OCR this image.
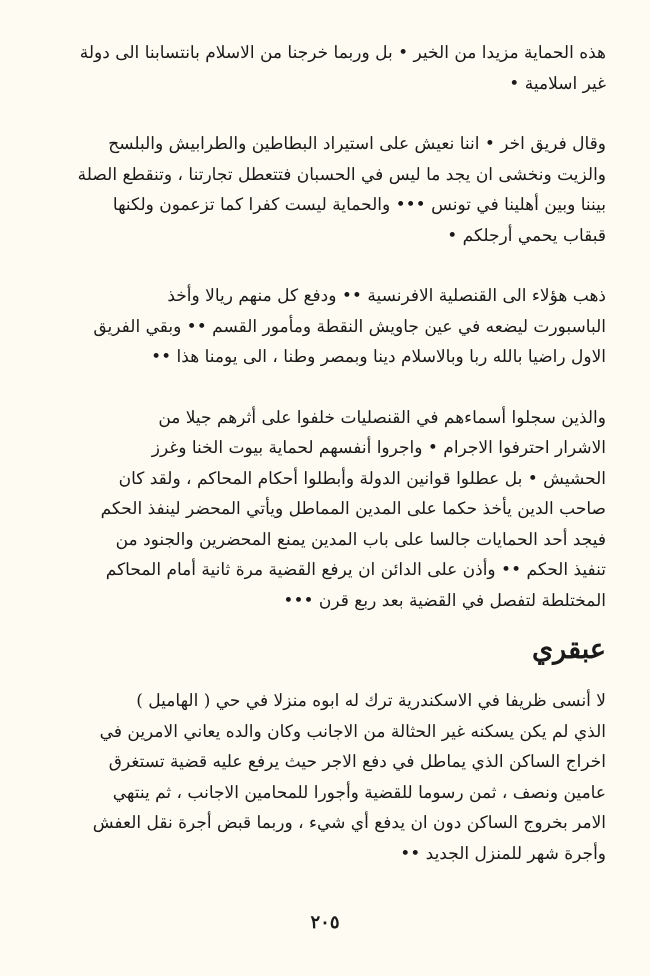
هذه الحماية مزيدا من الخير • بل وربما خرجنا من الاسلام بانتسابنا الى دولة
غير اسلامية •
وقال فريق اخر • اننا نعيش على استيراد البطاطين والطرابيش والبلسح
والزيت ونخشى ان يجد ما ليس في الحسبان فتتعطل تجارتنا ، وتنقطع الصلة
بيننا وبين أهلينا في تونس ••• والحماية ليست كفرا كما تزعمون ولكنها
قبقاب يحمي أرجلكم •
ذهب هؤلاء الى القنصلية الافرنسية •• ودفع كل منهم ريالا وأخذ
الباسبورت ليضعه في عين جاويش النقطة ومأمور القسم •• وبقي الفريق
الاول راضيا بالله ربا وبالاسلام دينا وبمصر وطنا ، الى يومنا هذا ••
والذين سجلوا أسماءهم في القنصليات خلفوا على أثرهم جيلا من
الاشرار احترفوا الاجرام • واجروا أنفسهم لحماية بيوت الخنا وغرز
الحشيش • بل عطلوا قوانين الدولة وأبطلوا أحكام المحاكم ، ولقد كان
صاحب الدين يأخذ حكما على المدين المماطل ويأتي المحضر لينفذ الحكم
فيجد أحد الحمايات جالسا على باب المدين يمنع المحضرين والجنود من
تنفيذ الحكم •• وأذن على الدائن ان يرفع القضية مرة ثانية أمام المحاكم
المختلطة لتفصل في القضية بعد ربع قرن •••
عبقري
لا أنسى ظريفا في الاسكندرية ترك له ابوه منزلا في حي ( الهاميل )
الذي لم يكن يسكنه غير الحثالة من الاجانب وكان والده يعاني الامرين في
اخراج الساكن الذي يماطل في دفع الاجر حيث يرفع عليه قضية تستغرق
عامين ونصف ، ثمن رسوما للقضية وأجورا للمحامين الاجانب ، ثم ينتهي
الامر بخروج الساكن دون ان يدفع أي شيء ، وربما قبض أجرة نقل العفش
وأجرة شهر للمنزل الجديد ••
٢٠٥
